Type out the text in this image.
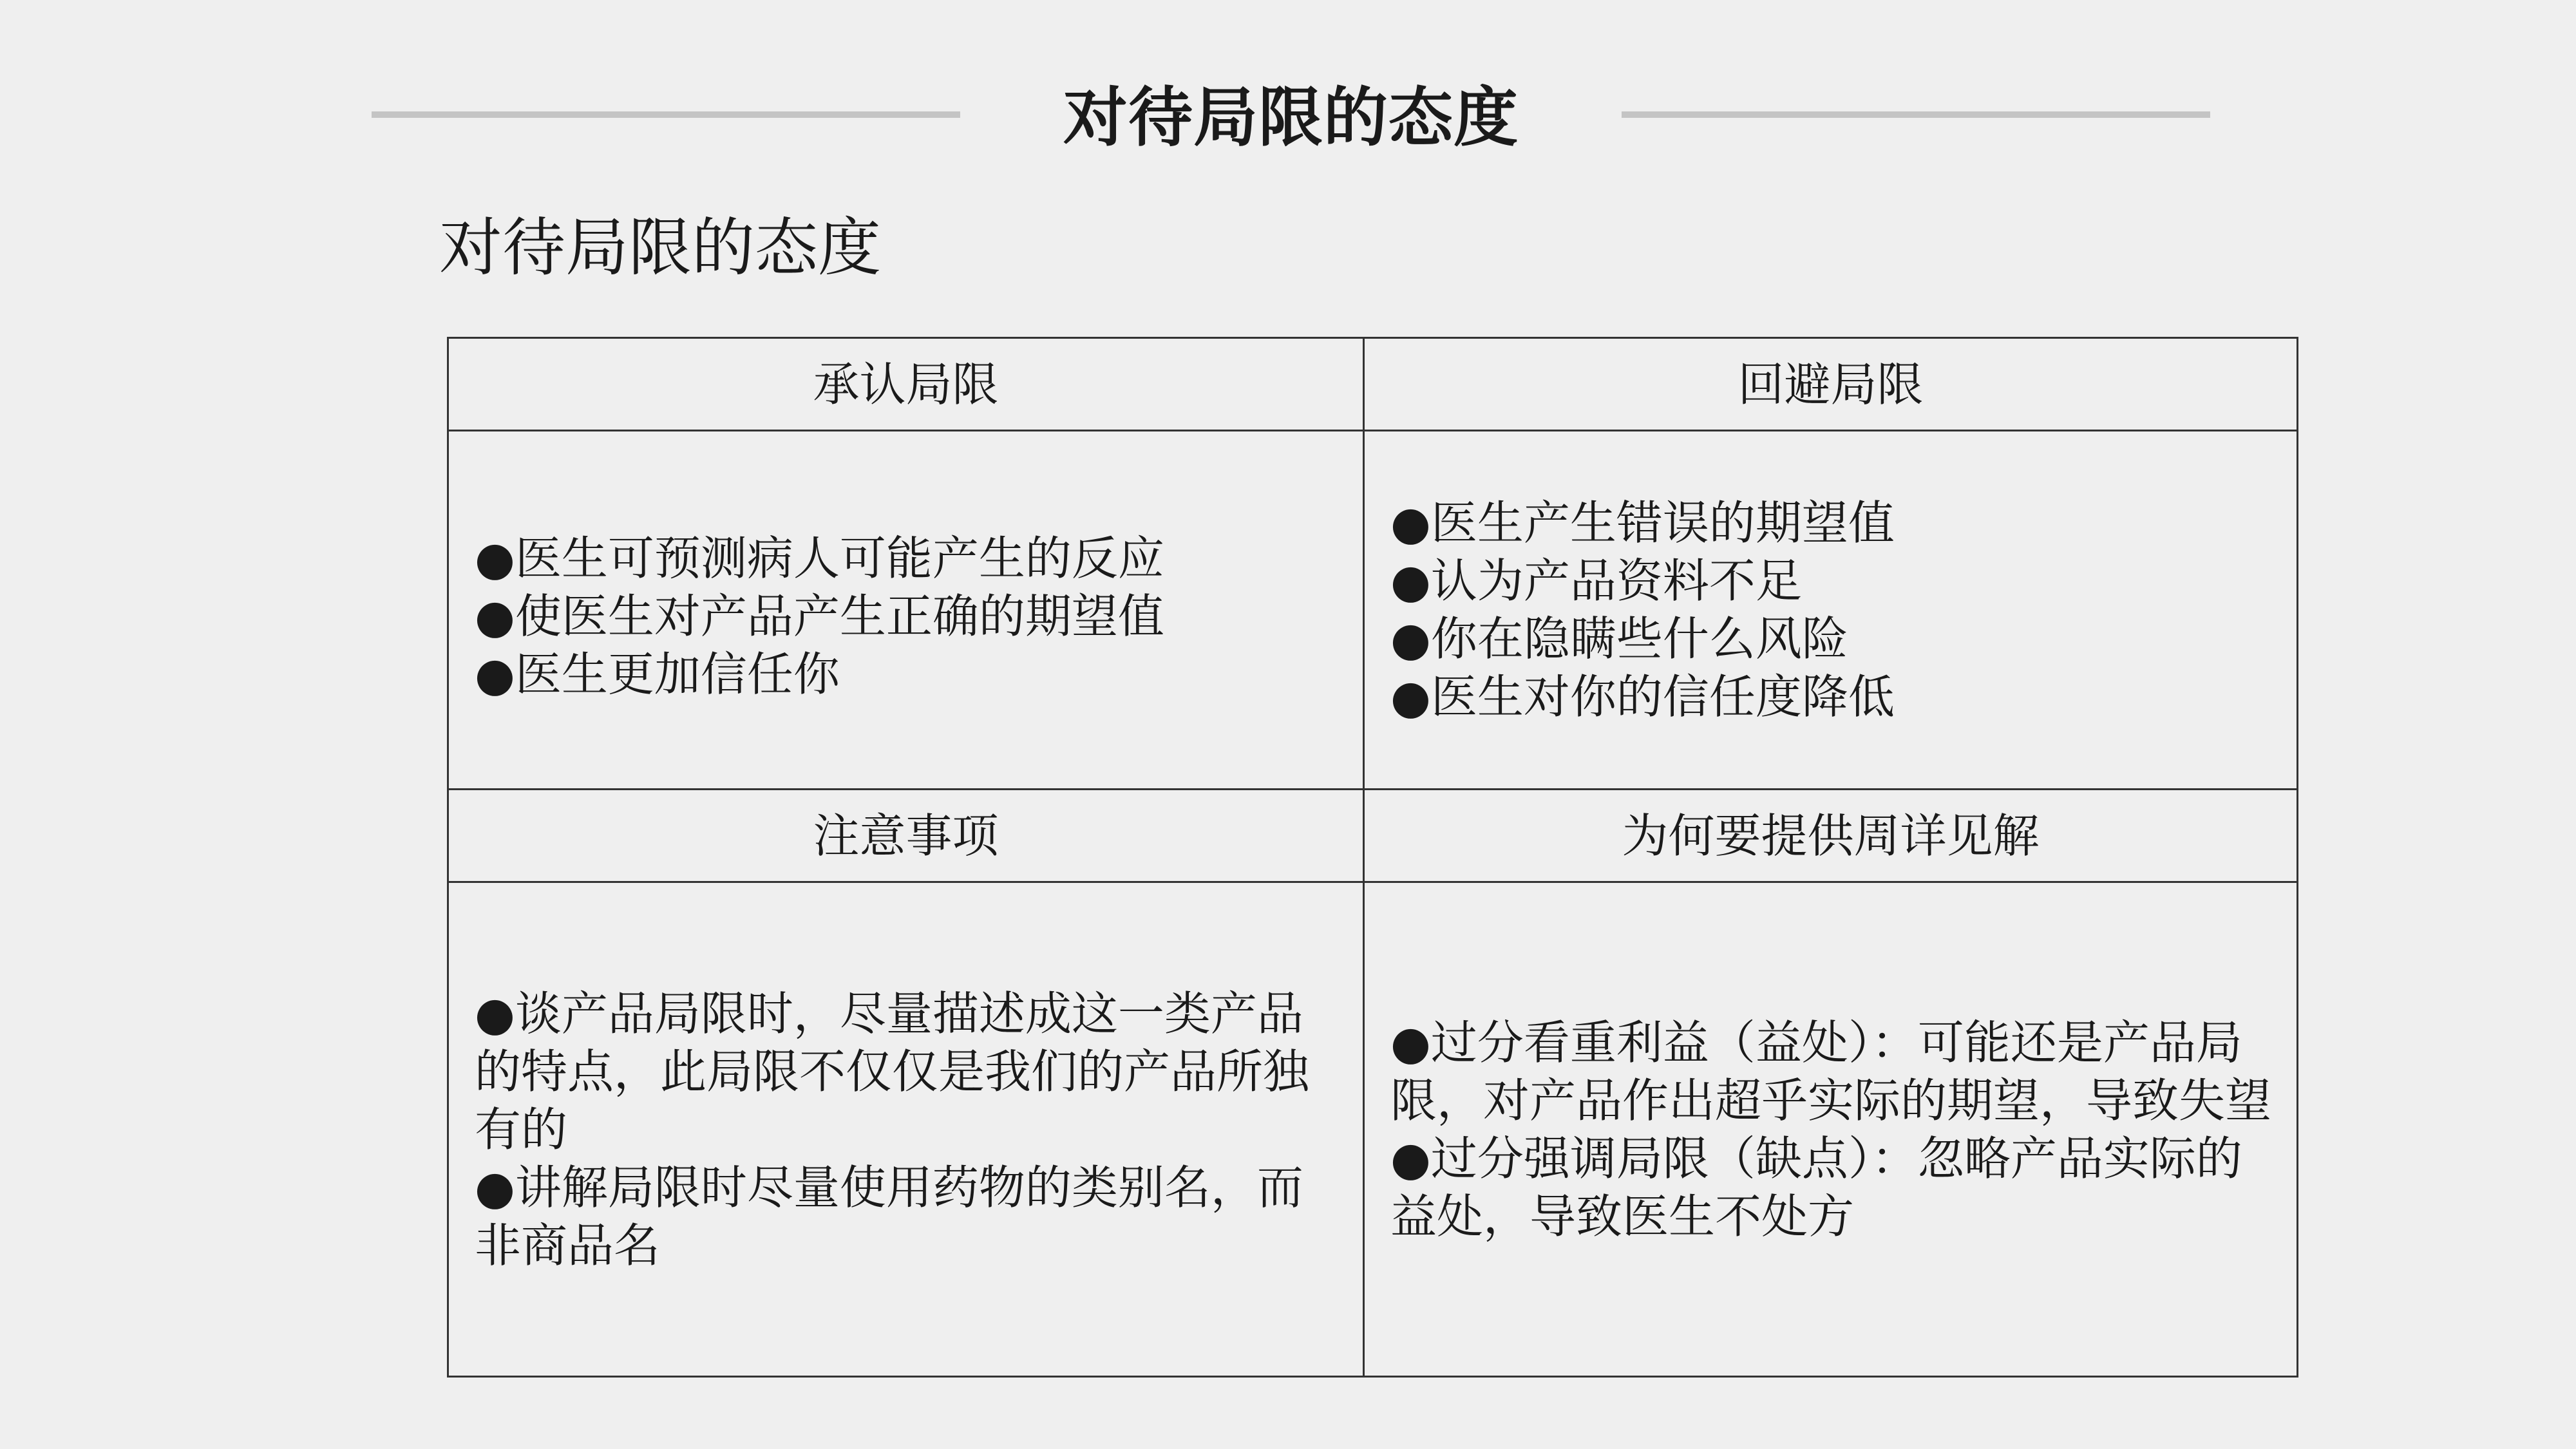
对待局限的态度
对待局限的态度
承认局限	回避局限
●医生可预测病人可能产生的反应
●使医生对产品产生正确的期望值
●医生更加信任你
●医生产生错误的期望值
●认为产品资料不足
●你在隐瞒些什么风险
●医生对你的信任度降低
注意事项	为何要提供周详见解
●谈产品局限时，尽量描述成这一类产品的特点，此局限不仅仅是我们的产品所独有的
●讲解局限时尽量使用药物的类别名，而非商品名
●过分看重利益（益处）：可能还是产品局限，对产品作出超乎实际的期望，导致失望
●过分强调局限（缺点）：忽略产品实际的益处，导致医生不处方
